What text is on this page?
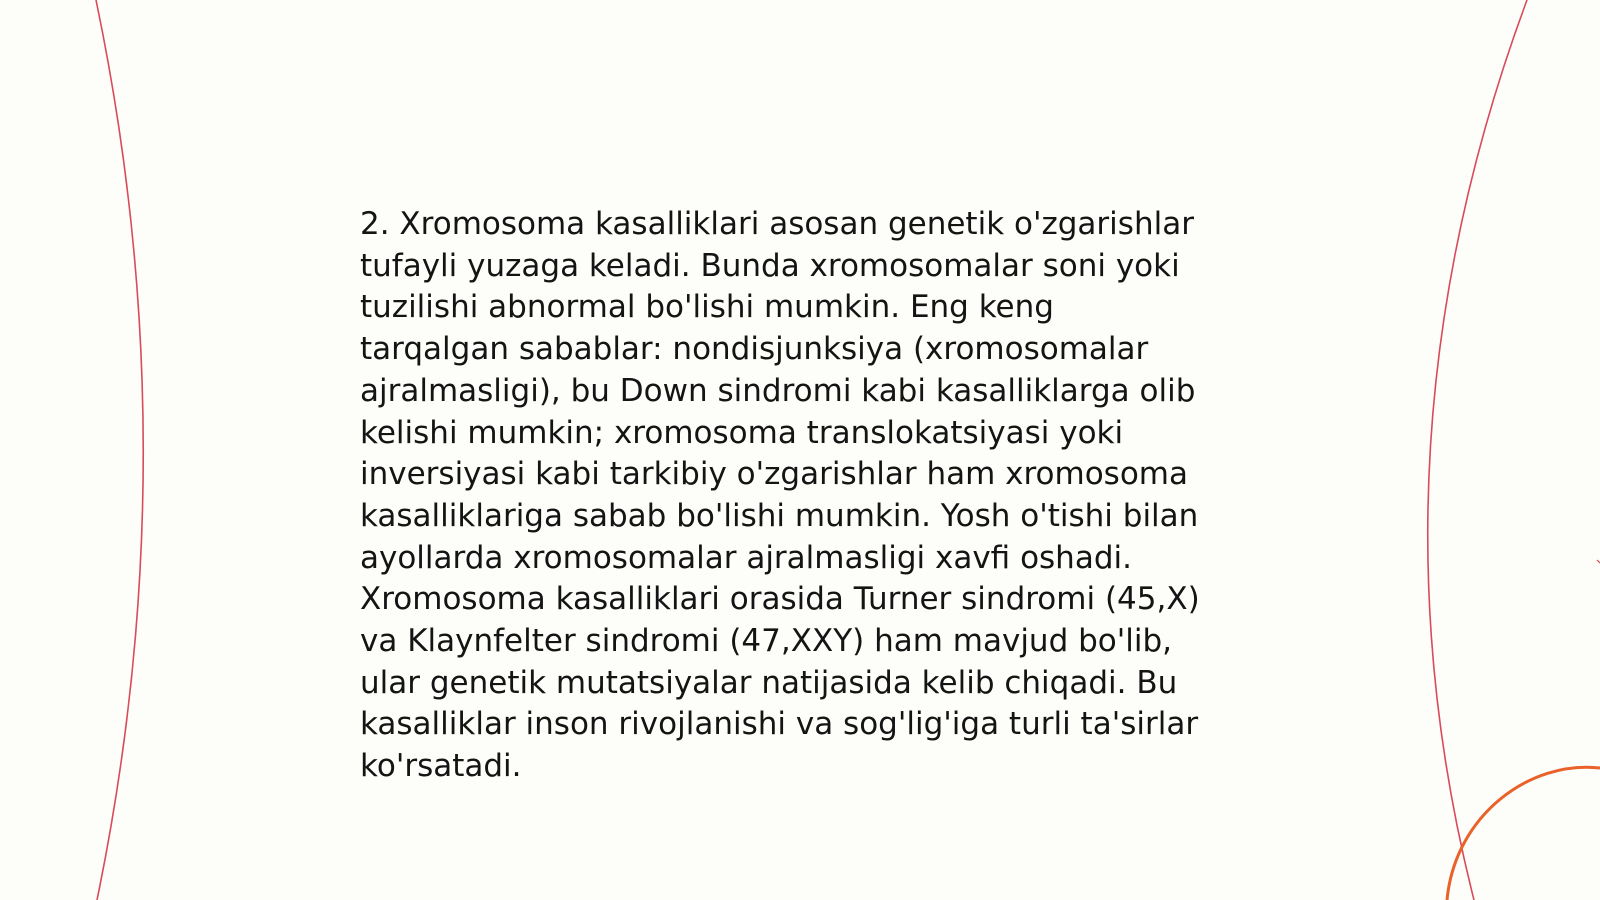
2. Xromosoma kasalliklari asosan genetik o'zgarishlar
tufayli yuzaga keladi. Bunda xromosomalar soni yoki
tuzilishi abnormal bo'lishi mumkin. Eng keng
tarqalgan sabablar: nondisjunksiya (xromosomalar
ajralmasligi), bu Down sindromi kabi kasalliklarga olib
kelishi mumkin; xromosoma translokatsiyasi yoki
inversiyasi kabi tarkibiy o'zgarishlar ham xromosoma
kasalliklariga sabab bo'lishi mumkin. Yosh o'tishi bilan
ayollarda xromosomalar ajralmasligi xavfi oshadi.
Xromosoma kasalliklari orasida Turner sindromi (45,X)
va Klaynfelter sindromi (47,XXY) ham mavjud bo'lib,
ular genetik mutatsiyalar natijasida kelib chiqadi. Bu
kasalliklar inson rivojlanishi va sog'lig'iga turli ta'sirlar
ko'rsatadi.
